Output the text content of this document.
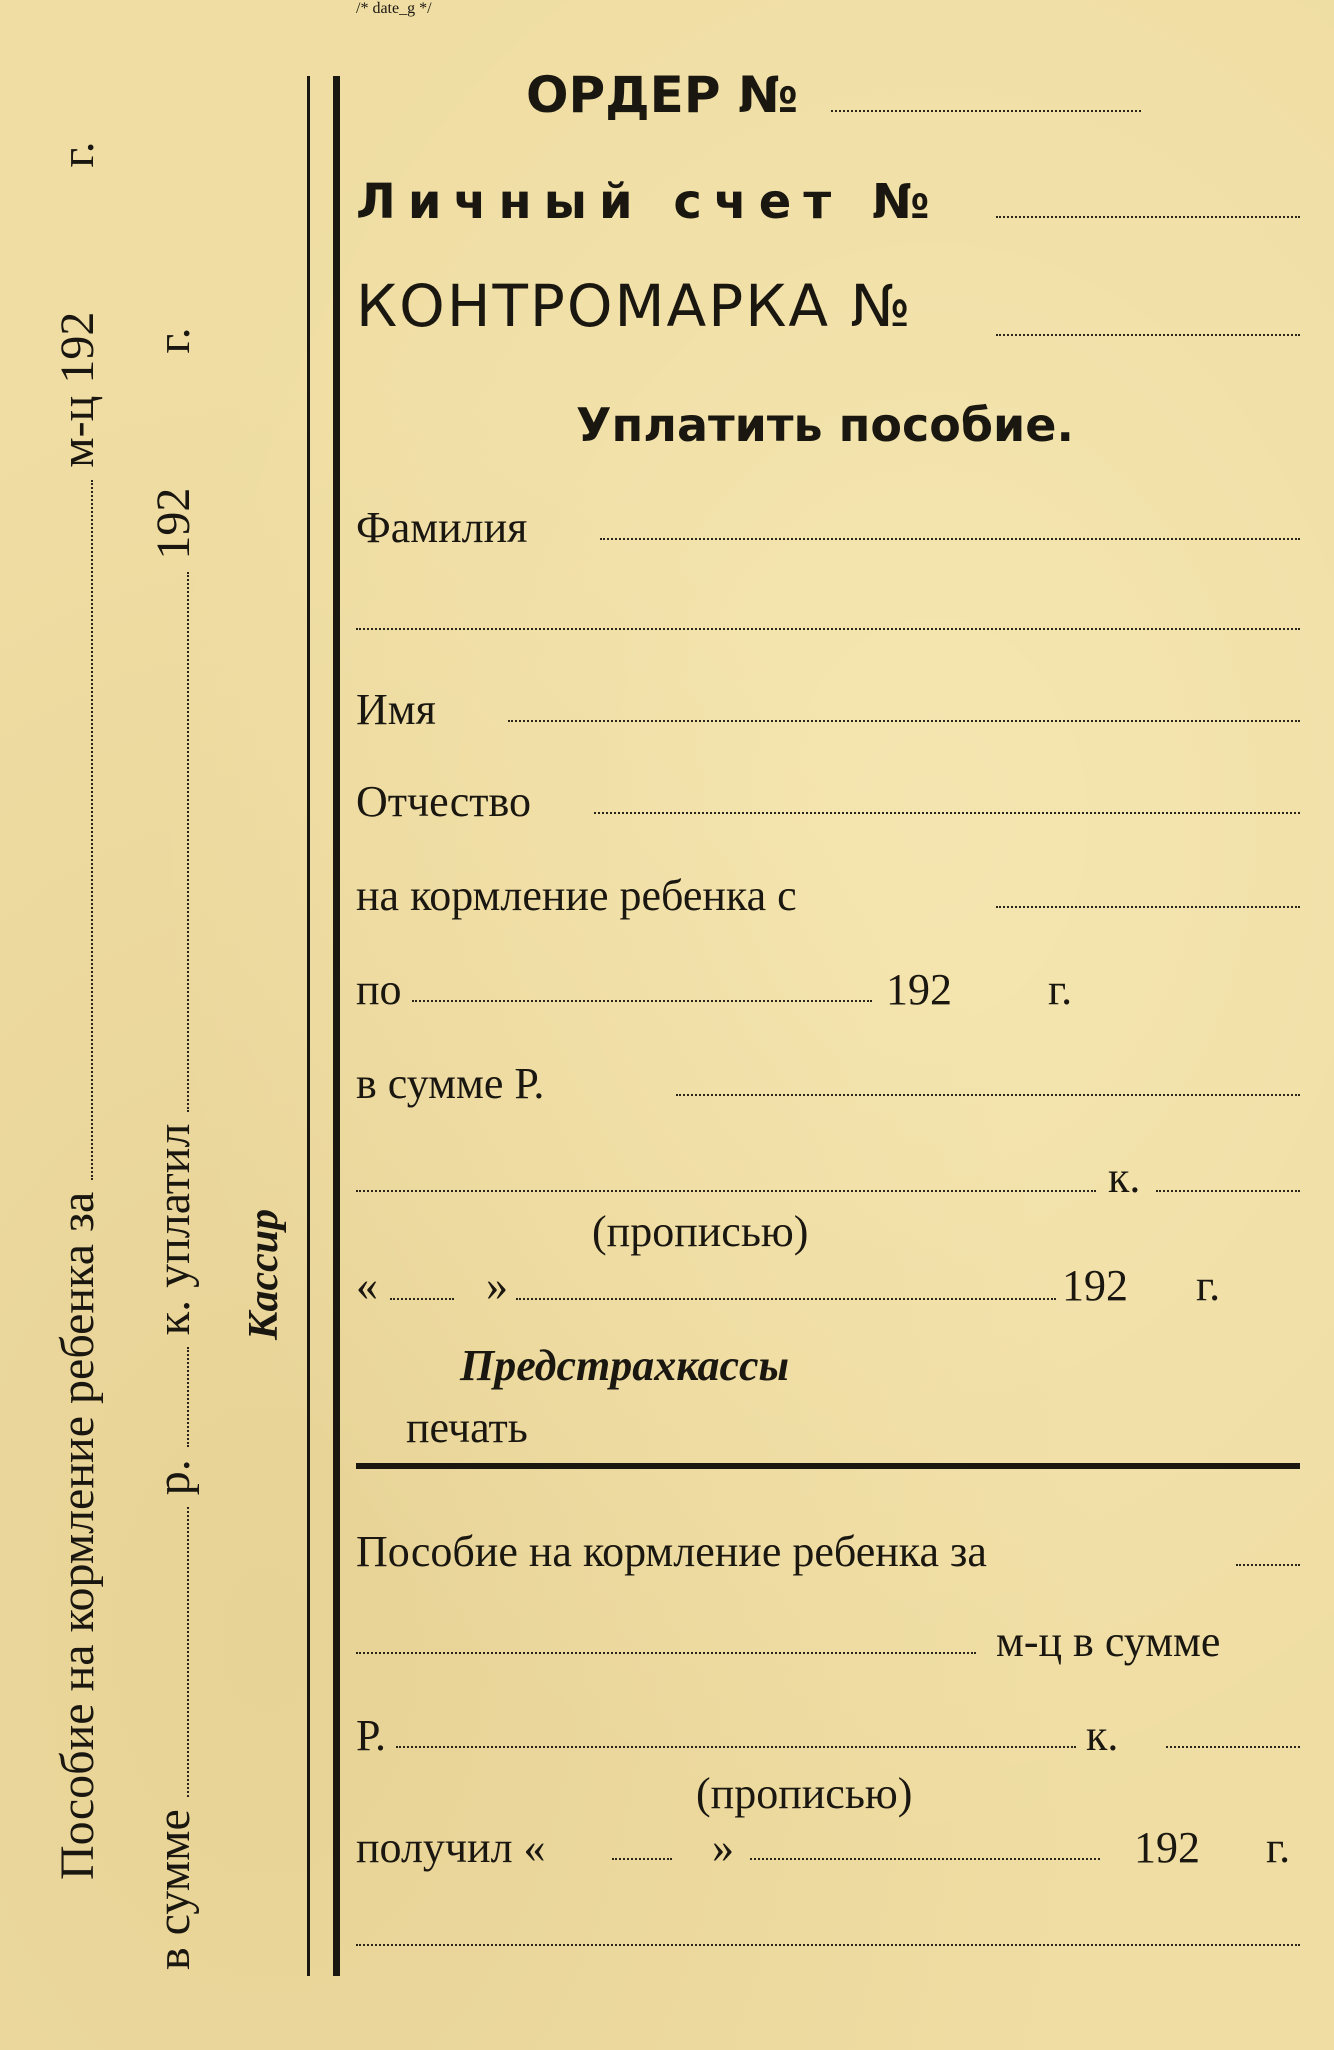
Пособие на кормление ребенка за  м-ц 192  г.
в сумме  р.  к. уплатил  192  г.
Кассир
ОРДЕР №
Личный счет №
КОНТРОМАРКА №
Уплатить пособие.
Фамилия
Имя
Отчество
на кормление ребенка с
по	192 г.
в сумме Р.
к.
(прописью)
« »	192
/* date_g */
г.
Предстрахкассы
печать
Пособие на кормление ребенка за
м-ц в сумме
Р.	к.
(прописью)
получил «	»	192 г.
